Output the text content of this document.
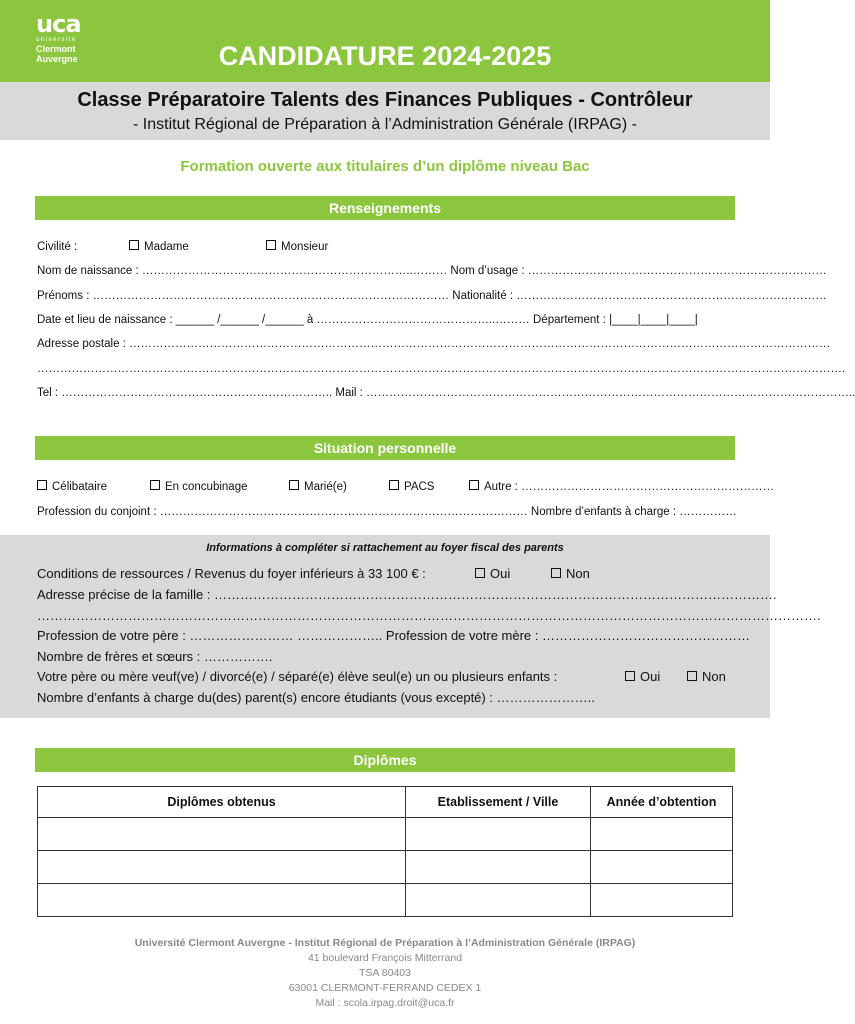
uca
université
Clermont
Auvergne	CANDIDATURE 2024-2025
Classe Préparatoire Talents des Finances Publiques - Contrôleur
- Institut Régional de Préparation à l’Administration Générale (IRPAG) -
Formation ouverte aux titulaires d’un diplôme niveau Bac
Renseignements
Civilité :	Madame	Monsieur
Nom de naissance : ……………………………………………………………..……… Nom d’usage : ……………………………………………………………………
Prénoms : ………………………………………………………………………………… Nationalité : ………………………………………………………………………
Date et lieu de naissance : ______ /______ /______ à ………………………………………..……… Département : |____|____|____|
Adresse postale : …………………………………………………………………………………………………………………………………………………………………
………………………………………………………………………………………………………………………………………………………………………………………….
Tel : …………………………………………………………….. Mail : ………………………………………………………………………………………………………………..
Situation personnelle
Célibataire	En concubinage	Marié(e)	PACS	Autre : …………………………………………………………
Profession du conjoint : …………………………………………………………………………………… Nombre d’enfants à charge : ……………
Informations à compléter si rattachement au foyer fiscal des parents
Conditions de ressources / Revenus du foyer inférieurs à 33 100 € :	Oui	Non
Adresse précise de la famille : ………………………………………………………………………………………………………………….
……………………………………………………………………………………………………………………………………………………………….
Profession de votre père : …………………… ……………….. Profession de votre mère : …………………………………………
Nombre de frères et sœurs : …………….
Votre père ou mère veuf(ve) / divorcé(e) / séparé(e) élève seul(e) un ou plusieurs enfants :	Oui	Non
Nombre d’enfants à charge du(des) parent(s) encore étudiants (vous excepté) : …………………..
Diplômes
Diplômes obtenus	Etablissement / Ville	Année d’obtention

Université Clermont Auvergne - Institut Régional de Préparation à l’Administration Générale (IRPAG)
41 boulevard François Mitterrand
TSA 80403
63001 CLERMONT-FERRAND CEDEX 1
Mail : scola.irpag.droit@uca.fr
